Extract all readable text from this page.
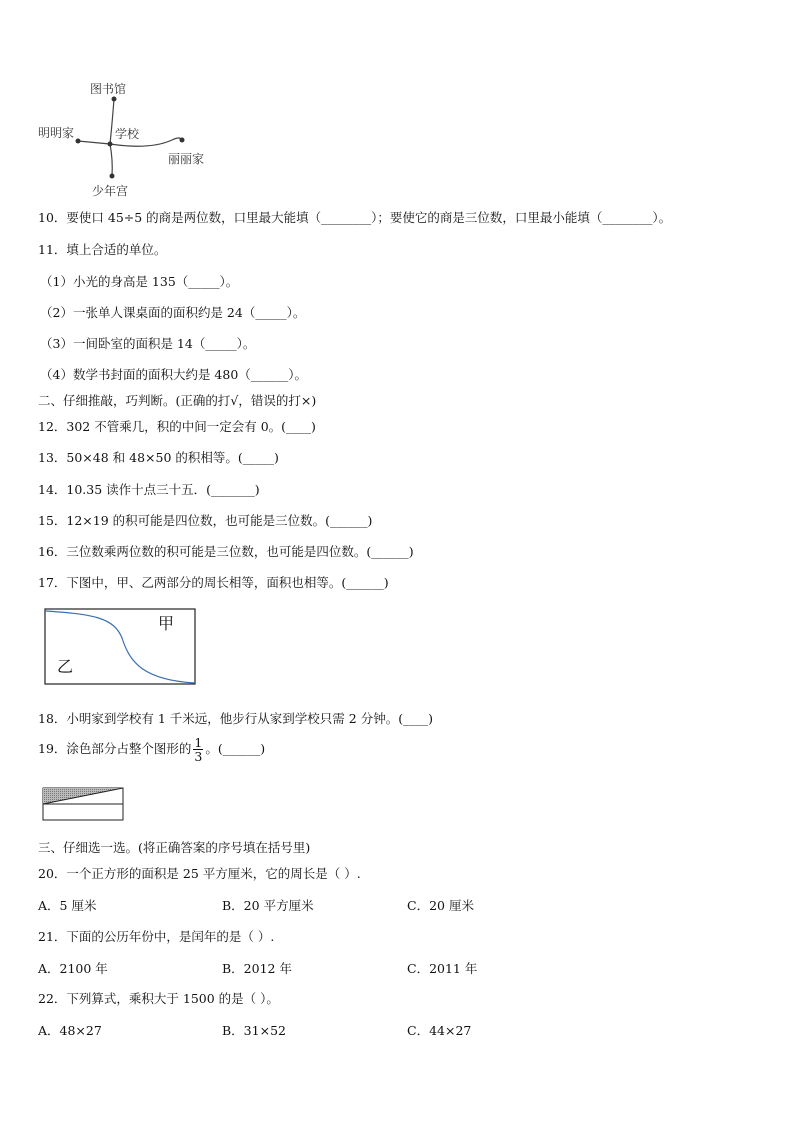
图书馆
学校
明明家
丽丽家
少年宫
10．要使口 45÷5 的商是两位数，口里最大能填（________）；要使它的商是三位数，口里最小能填（________）。
11．填上合适的单位。
（1）小光的身高是 135（_____）。
（2）一张单人课桌面的面积约是 24（_____）。
（3）一间卧室的面积是 14（_____）。
（4）数学书封面的面积大约是 480（______）。
二、仔细推敲，巧判断。(正确的打√，错误的打×)
12．302 不管乘几，积的中间一定会有 0。(____)
13．50×48 和 48×50 的积相等。(_____)
14．10.35 读作十点三十五．(_______)
15．12×19 的积可能是四位数，也可能是三位数。(______)
16．三位数乘两位数的积可能是三位数，也可能是四位数。(______)
17．下图中，甲、乙两部分的周长相等，面积也相等。(______)
甲
乙
18．小明家到学校有 1 千米远，他步行从家到学校只需 2 分钟。(____)
19．涂色部分占整个图形的 $\frac{1}{3}$ 。(______)
三、仔细选一选。(将正确答案的序号填在括号里)
20．一个正方形的面积是 25 平方厘米，它的周长是（ ）.
A．5 厘米	B．20 平方厘米	C．20 厘米
21．下面的公历年份中，是闰年的是（ ）.
A．2100 年	B．2012 年	C．2011 年
22．下列算式，乘积大于 1500 的是（ ）。
A．48×27	B．31×52	C．44×27
